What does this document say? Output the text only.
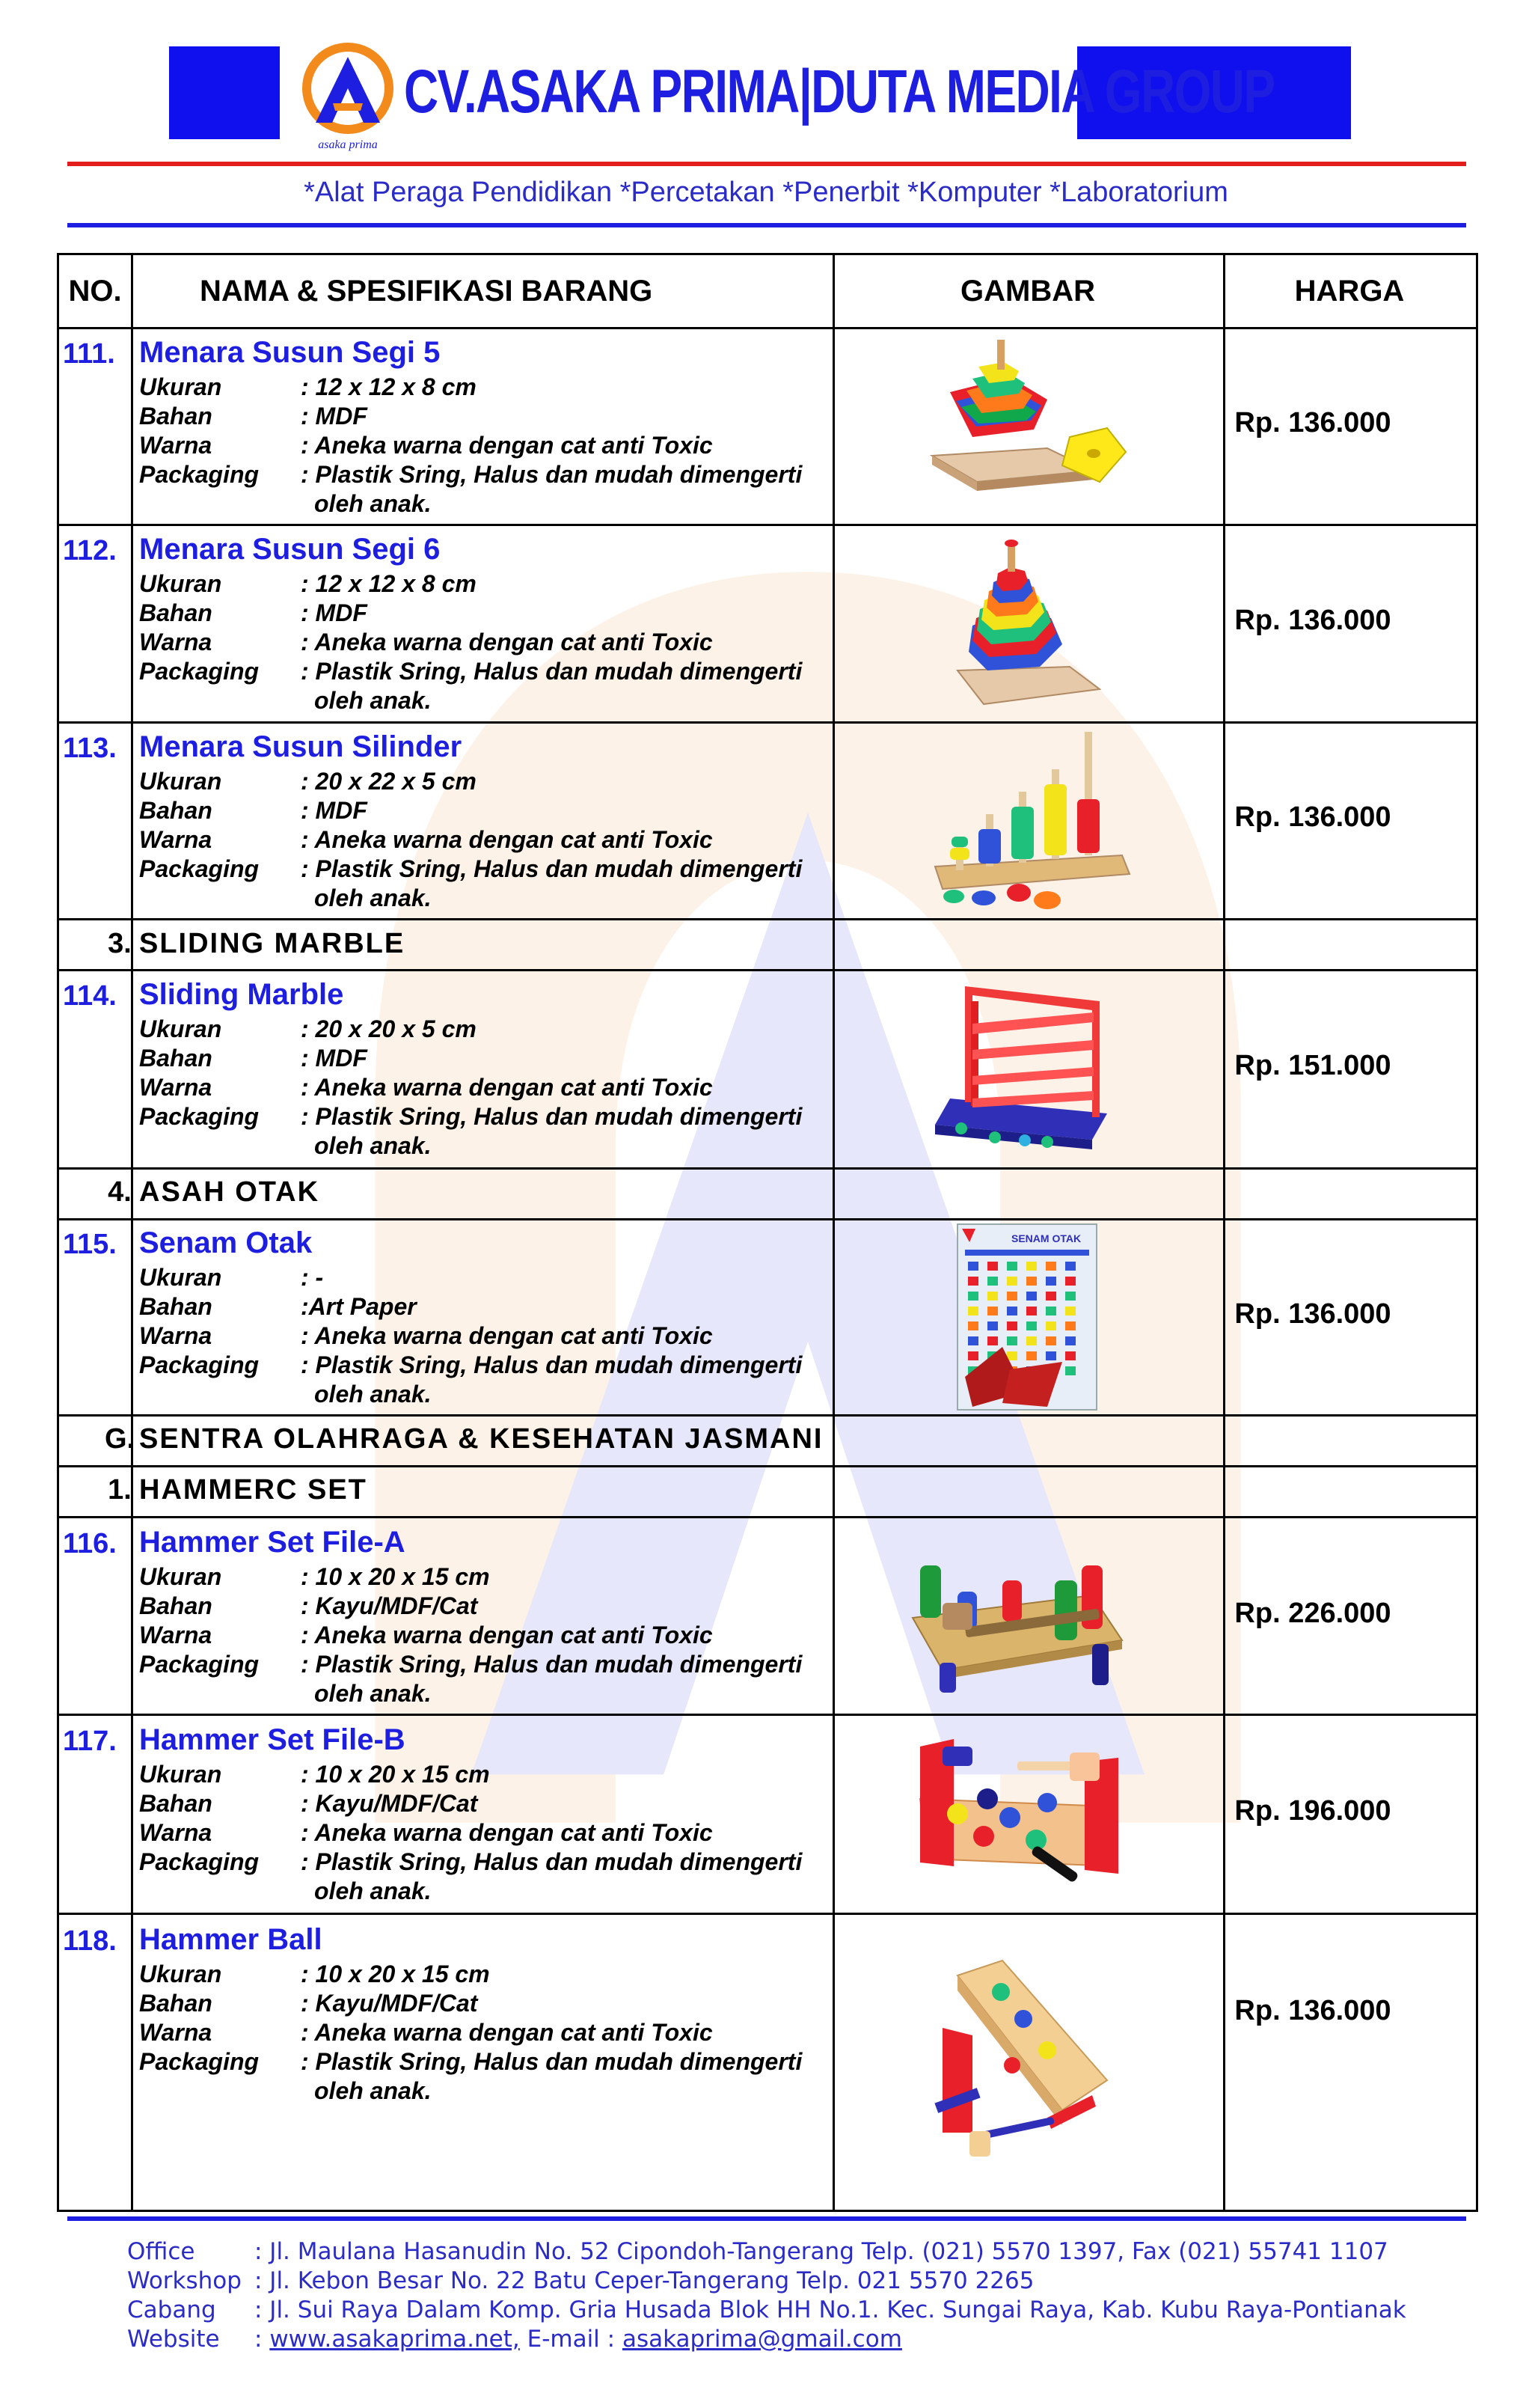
asaka prima
CV.ASAKA PRIMA|DUTA MEDIA GROUP
*Alat Peraga Pendidikan *Percetakan *Penerbit *Komputer *Laboratorium
NO.	NAMA & SPESIFIKASI BARANG	GAMBAR	HARGA
111. Menara Susun Segi 5
Ukuran	: 12 x 12 x 8 cm
Bahan	: MDF
Warna	: Aneka warna dengan cat anti Toxic
Packaging	: Plastik Sring, Halus dan mudah dimengerti
oleh anak.
Rp. 136.000
112. Menara Susun Segi 6
Ukuran	: 12 x 12 x 8 cm
Bahan	: MDF
Warna	: Aneka warna dengan cat anti Toxic
Packaging	: Plastik Sring, Halus dan mudah dimengerti
oleh anak.
Rp. 136.000
113. Menara Susun Silinder
Ukuran	: 20 x 22 x 5 cm
Bahan	: MDF
Warna	: Aneka warna dengan cat anti Toxic
Packaging	: Plastik Sring, Halus dan mudah dimengerti
oleh anak.
Rp. 136.000
3. SLIDING MARBLE
114. Sliding Marble
Ukuran	: 20 x 20 x 5 cm
Bahan	: MDF
Warna	: Aneka warna dengan cat anti Toxic
Packaging	: Plastik Sring, Halus dan mudah dimengerti
oleh anak.
Rp. 151.000
4. ASAH OTAK
115. Senam Otak
Ukuran	: -
Bahan	:Art Paper
Warna	: Aneka warna dengan cat anti Toxic
Packaging	: Plastik Sring, Halus dan mudah dimengerti
oleh anak.
SENAM OTAK
Rp. 136.000
G. SENTRA OLAHRAGA & KESEHATAN JASMANI
1. HAMMERC SET
116. Hammer Set File-A
Ukuran	: 10 x 20 x 15 cm
Bahan	: Kayu/MDF/Cat
Warna	: Aneka warna dengan cat anti Toxic
Packaging	: Plastik Sring, Halus dan mudah dimengerti
oleh anak.
Rp. 226.000
117. Hammer Set File-B
Ukuran	: 10 x 20 x 15 cm
Bahan	: Kayu/MDF/Cat
Warna	: Aneka warna dengan cat anti Toxic
Packaging	: Plastik Sring, Halus dan mudah dimengerti
oleh anak.
Rp. 196.000
118. Hammer Ball
Ukuran	: 10 x 20 x 15 cm
Bahan	: Kayu/MDF/Cat
Warna	: Aneka warna dengan cat anti Toxic
Packaging	: Plastik Sring, Halus dan mudah dimengerti
oleh anak.
Rp. 136.000
Office	: Jl. Maulana Hasanudin No. 52 Cipondoh-Tangerang Telp. (021) 5570 1397, Fax (021) 55741 1107
Workshop : Jl. Kebon Besar No. 22 Batu Ceper-Tangerang Telp. 021 5570 2265
Cabang	: Jl. Sui Raya Dalam Komp. Gria Husada Blok HH No.1. Kec. Sungai Raya, Kab. Kubu Raya-Pontianak
Website	: www.asakaprima.net, E-mail : asakaprima@gmail.com
